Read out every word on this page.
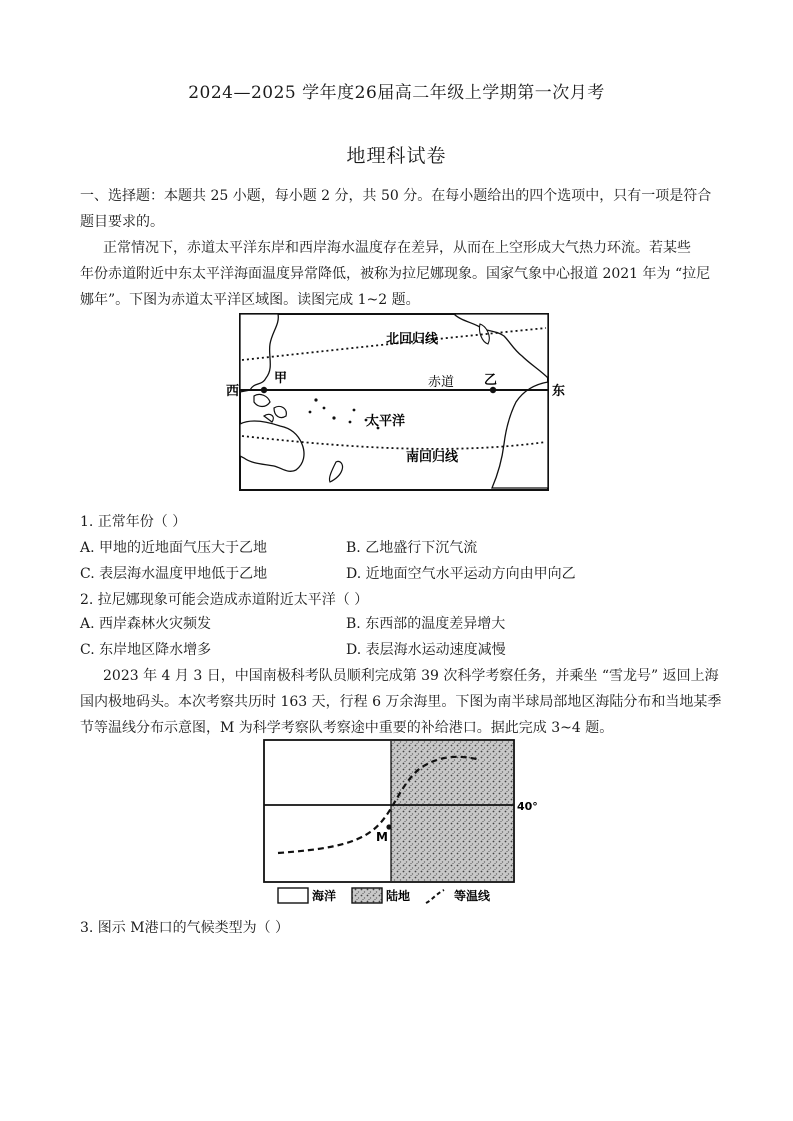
2024—2025 学年度26届高二年级上学期第一次月考
地理科试卷
一、选择题：本题共 25 小题，每小题 2 分，共 50 分。在每小题给出的四个选项中，只有一项是符合
题目要求的。
正常情况下，赤道太平洋东岸和西岸海水温度存在差异，从而在上空形成大气热力环流。若某些
年份赤道附近中东太平洋海面温度异常降低，被称为拉尼娜现象。国家气象中心报道 2021 年为 “拉尼
娜年”。下图为赤道太平洋区域图。读图完成 1~2 题。
北回归线
赤道
太平洋
南回归线
西	东
甲	乙
1. 正常年份（ ）
A. 甲地的近地面气压大于乙地	B. 乙地盛行下沉气流
C. 表层海水温度甲地低于乙地	D. 近地面空气水平运动方向由甲向乙
2. 拉尼娜现象可能会造成赤道附近太平洋（ ）
A. 西岸森林火灾频发	B. 东西部的温度差异增大
C. 东岸地区降水增多	D. 表层海水运动速度减慢
2023 年 4 月 3 日，中国南极科考队员顺利完成第 39 次科学考察任务，并乘坐 “雪龙号” 返回上海
国内极地码头。本次考察共历时 163 天，行程 6 万余海里。下图为南半球局部地区海陆分布和当地某季
节等温线分布示意图，M 为科学考察队考察途中重要的补给港口。据此完成 3~4 题。
M
40°
海洋	陆地	等温线
3. 图示 M港口的气候类型为（ ）
